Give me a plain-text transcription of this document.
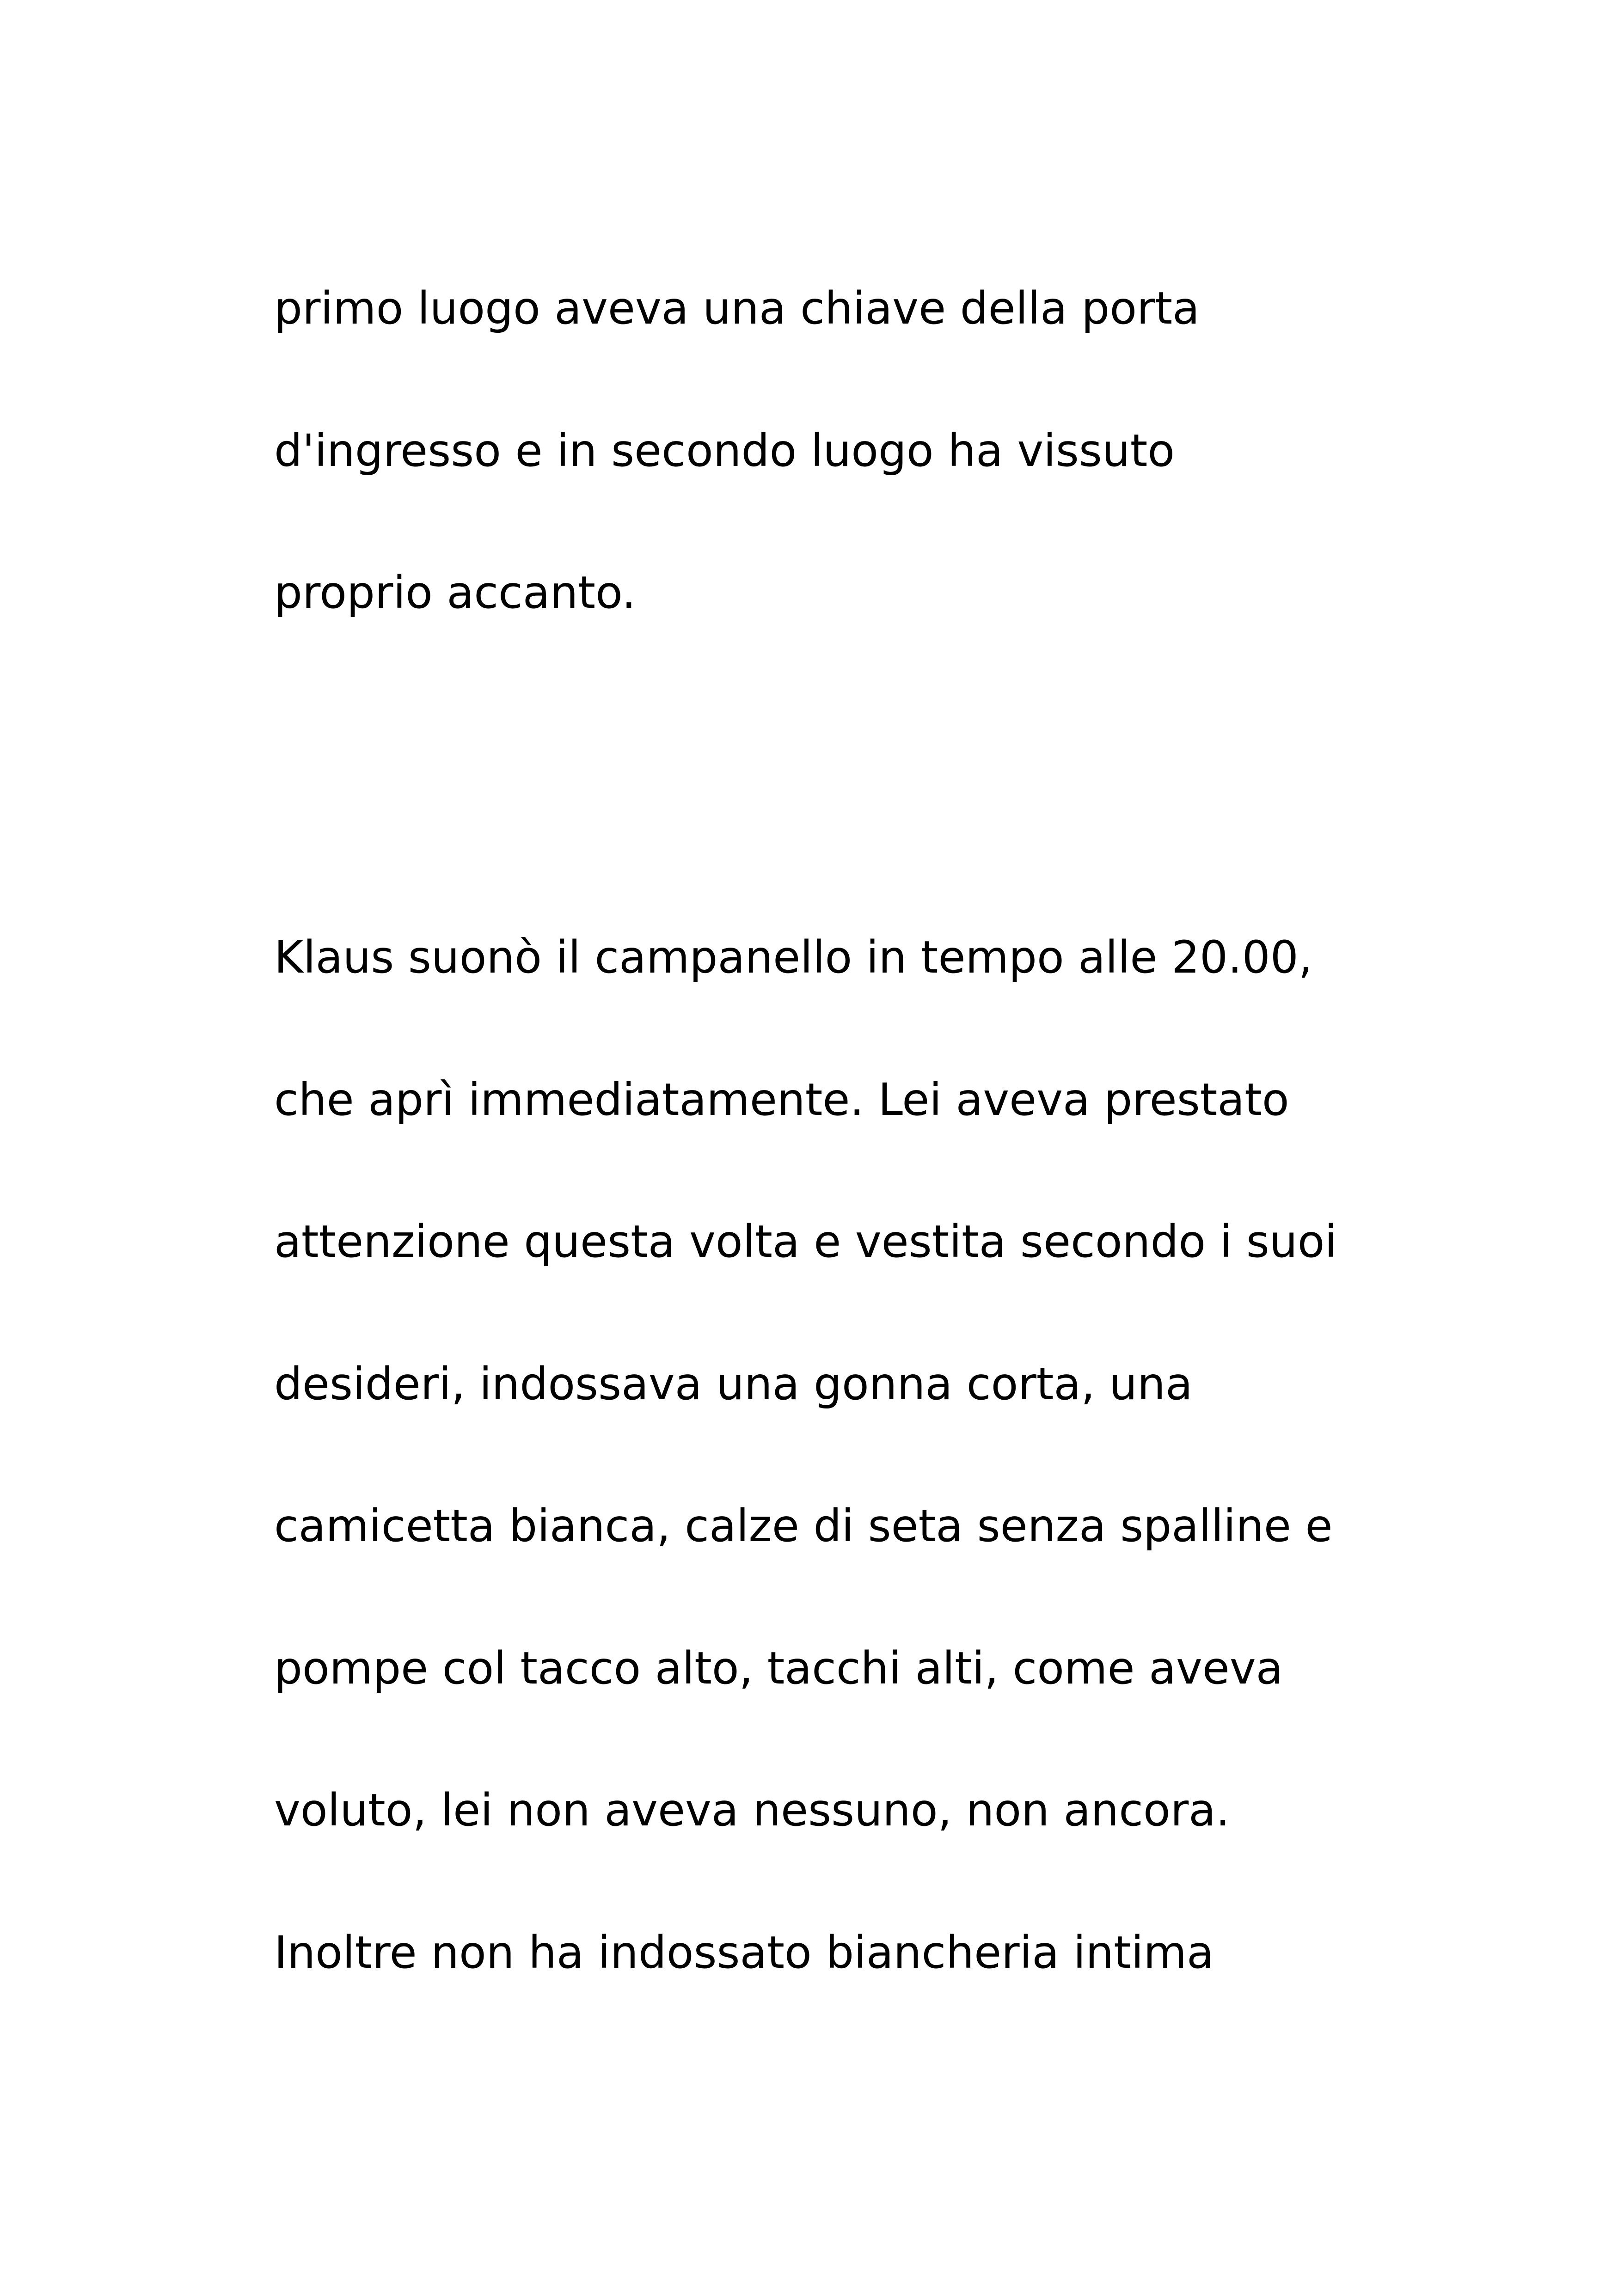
primo luogo aveva una chiave della porta

d'ingresso e in secondo luogo ha vissuto

proprio accanto.

Klaus suonò il campanello in tempo alle 20.00,

che aprì immediatamente. Lei aveva prestato

attenzione questa volta e vestita secondo i suoi

desideri, indossava una gonna corta, una

camicetta bianca, calze di seta senza spalline e

pompe col tacco alto, tacchi alti, come aveva

voluto, lei non aveva nessuno, non ancora.

Inoltre non ha indossato biancheria intima
